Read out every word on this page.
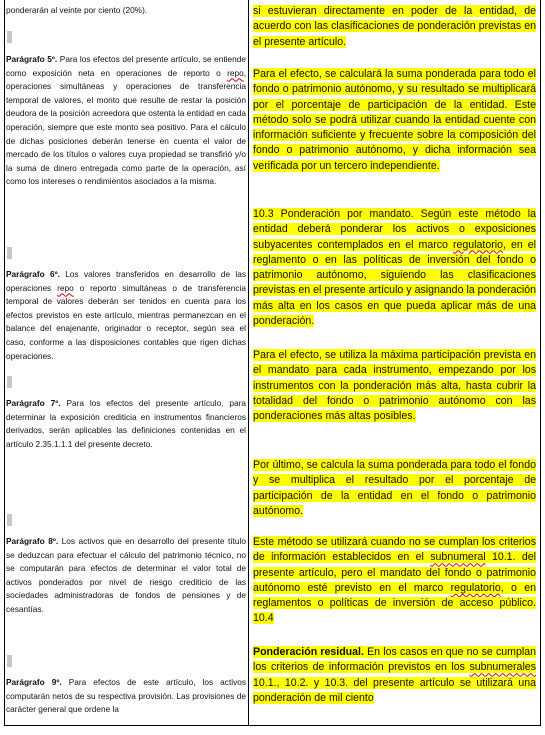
ponderarán al veinte por ciento (20%).

Parágrafo 5º. Para los efectos del presente artículo, se entiende como exposición neta en operaciones de reporto o repo, operaciones simultáneas y operaciones de transferencia temporal de valores, el monto que resulte de restar la posición deudora de la posición acreedora que ostenta la entidad en cada operación, siempre que este monto sea positivo. Para el cálculo de dichas posiciones deberán tenerse en cuenta el valor de mercado de los títulos o valores cuya propiedad se transfirió y/o la suma de dinero entregada como parte de la operación, así como los intereses o rendimientos asociados a la misma.

Parágrafo 6º. Los valores transferidos en desarrollo de las operaciones repo o reporto simultáneas o de transferencia temporal de valores deberán ser tenidos en cuenta para los efectos previstos en este artículo, mientras permanezcan en el balance del enajenante, originador o receptor, según sea el caso, conforme a las disposiciones contables que rigen dichas operaciones.

Parágrafo 7º. Para los efectos del presente artículo, para determinar la exposición crediticia en instrumentos financieros derivados, serán aplicables las definiciones contenidas en el artículo 2.35.1.1.1 del presente decreto.

Parágrafo 8º. Los activos que en desarrollo del presente título se deduzcan para efectuar el cálculo del patrimonio técnico, no se computarán para efectos de determinar el valor total de activos ponderados por nivel de riesgo crediticio de las sociedades administradoras de fondos de pensiones y de cesantías.

Parágrafo 9º. Para efectos de este artículo, los activos computarán netos de su respectiva provisión. Las provisiones de carácter general que ordene la

si estuvieran directamente en poder de la entidad, de acuerdo con las clasificaciones de ponderación previstas en el presente artículo.

Para el efecto, se calculará la suma ponderada para todo el fondo o patrimonio autónomo, y su resultado se multiplicará por el porcentaje de participación de la entidad. Este método solo se podrá utilizar cuando la entidad cuente con información suficiente y frecuente sobre la composición del fondo o patrimonio autónomo, y dicha información sea verificada por un tercero independiente.

10.3 Ponderación por mandato. Según este método la entidad deberá ponderar los activos o exposiciones subyacentes contemplados en el marco regulatorio, en el reglamento o en las políticas de inversión del fondo o patrimonio autónomo, siguiendo las clasificaciones previstas en el presente artículo y asignando la ponderación más alta en los casos en que pueda aplicar más de una ponderación.

Para el efecto, se utiliza la máxima participación prevista en el mandato para cada instrumento, empezando por los instrumentos con la ponderación más alta, hasta cubrir la totalidad del fondo o patrimonio autónomo con las ponderaciones más altas posibles.

Por último, se calcula la suma ponderada para todo el fondo y se multiplica el resultado por el porcentaje de participación de la entidad en el fondo o patrimonio autónomo.

Este método se utilizará cuando no se cumplan los criterios de información establecidos en el subnumeral 10.1. del presente artículo, pero el mandato del fondo o patrimonio autónomo esté previsto en el marco regulatorio, o en reglamentos o políticas de inversión de acceso público. 10.4

Ponderación residual. En los casos en que no se cumplan los criterios de información previstos en los subnumerales 10.1., 10.2. y 10.3. del presente artículo se utilizará una ponderación de mil ciento
